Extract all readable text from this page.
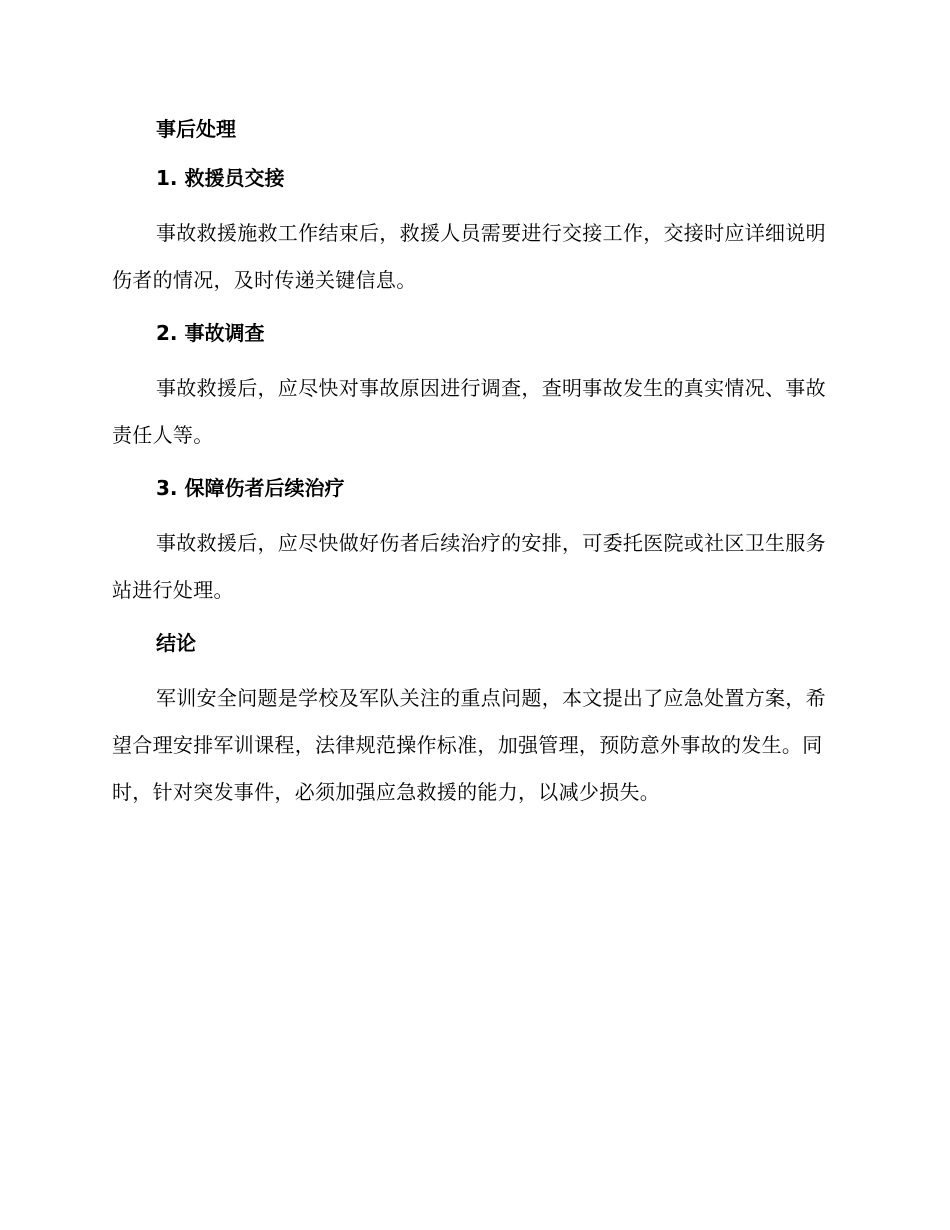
事后处理
1. 救援员交接
事故救援施救工作结束后，救援人员需要进行交接工作，交接时应详细说明伤者的情况，及时传递关键信息。
2. 事故调查
事故救援后，应尽快对事故原因进行调查，查明事故发生的真实情况、事故责任人等。
3. 保障伤者后续治疗
事故救援后，应尽快做好伤者后续治疗的安排，可委托医院或社区卫生服务站进行处理。
结论
军训安全问题是学校及军队关注的重点问题，本文提出了应急处置方案，希望合理安排军训课程，法律规范操作标准，加强管理，预防意外事故的发生。同时，针对突发事件，必须加强应急救援的能力，以减少损失。
